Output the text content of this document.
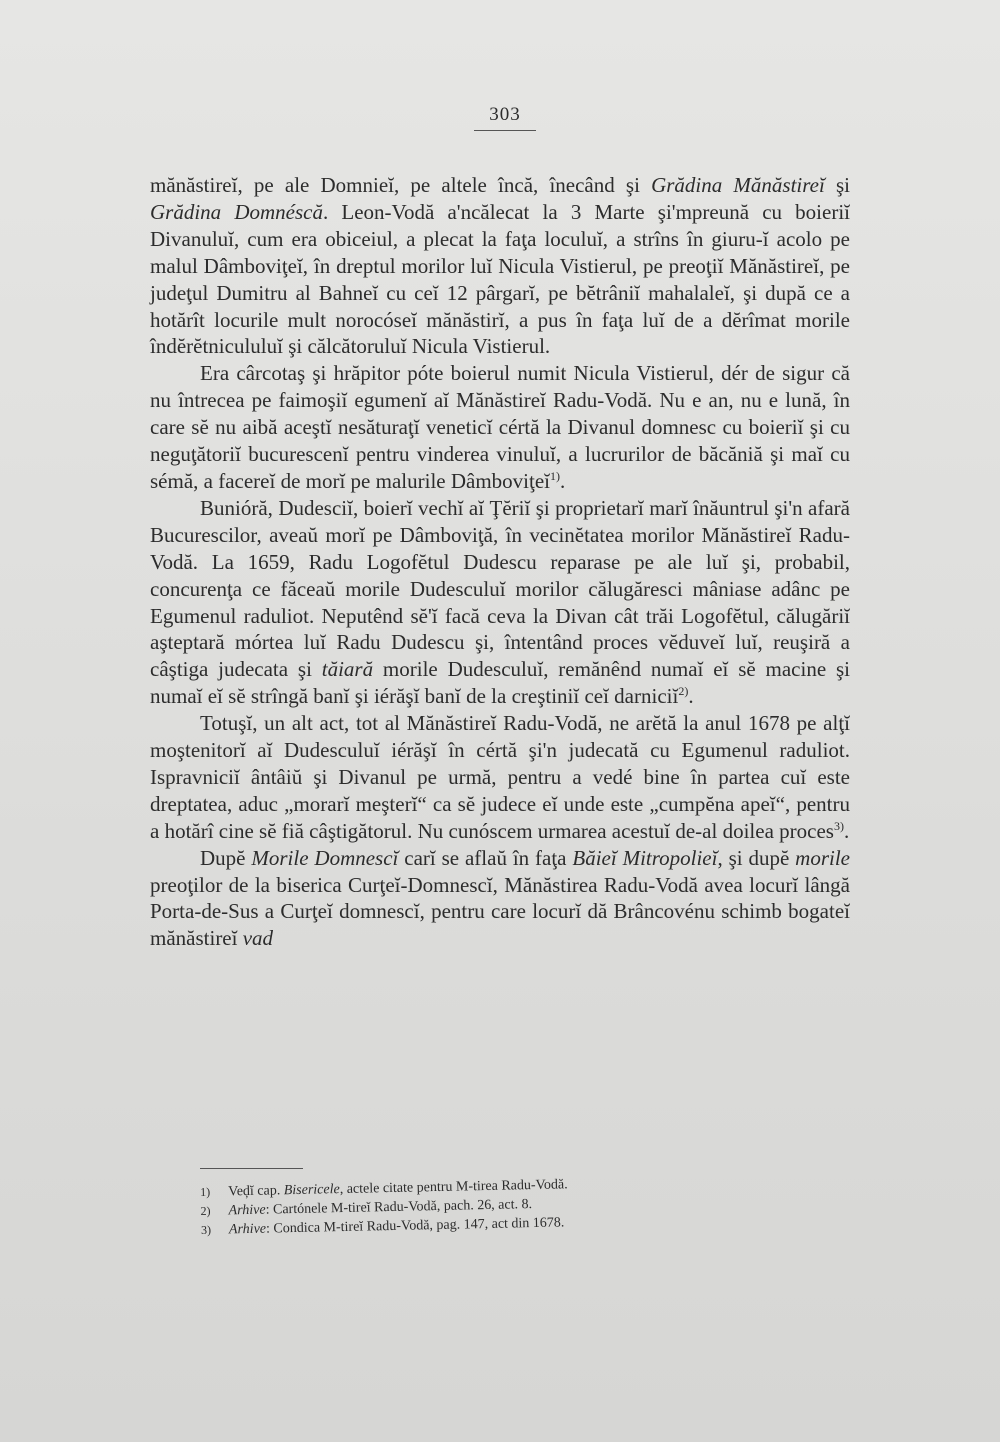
303

mănăstireĭ, pe ale Domnieĭ, pe altele încă, înecând şi Grădina Mănăstireĭ şi Grădina Domnéscă. Leon-Vodă a'ncălecat la 3 Marte şi'mpreună cu boieriĭ Divanuluĭ, cum era obiceiul, a plecat la faţa loculuĭ, a strîns în giuru-ĭ acolo pe malul Dâmboviţeĭ, în dreptul morilor luĭ Nicula Vistierul, pe preoţiĭ Mănăstireĭ, pe judeţul Dumitru al Bahneĭ cu ceĭ 12 pârgarĭ, pe bĕtrâniĭ mahalaleĭ, şi după ce a hotărît locurile mult norocóseĭ mănăstirĭ, a pus în faţa luĭ de a dĕrîmat morile îndĕrĕtnicululuĭ şi călcătoruluĭ Nicula Vistierul.

Era cârcotaş şi hrăpitor póte boierul numit Nicula Vistierul, dér de sigur că nu întrecea pe faimoşiĭ egumenĭ aĭ Mănăstireĭ Radu-Vodă. Nu e an, nu e lună, în care sĕ nu aibă aceştĭ nesăturaţĭ veneticĭ cértă la Divanul domnesc cu boieriĭ şi cu neguţătoriĭ bucurescenĭ pentru vinderea vinuluĭ, a lucrurilor de băcăniă şi maĭ cu sémă, a facereĭ de morĭ pe malurile Dâmboviţeĭ$^{1)}$.

Bunióră, Dudesciĭ, boierĭ vechĭ aĭ Ţĕriĭ şi proprietarĭ marĭ înăuntrul şi'n afară Bucurescilor, aveaŭ morĭ pe Dâmboviţă, în vecinĕtatea morilor Mănăstireĭ Radu-Vodă. La 1659, Radu Logofĕtul Dudescu reparase pe ale luĭ şi, probabil, concurenţa ce făceaŭ morile Dudesculuĭ morilor călugăresci mâniase adânc pe Egumenul raduliot. Neputênd sĕ'ĭ facă ceva la Divan cât trăi Logofĕtul, călugăriĭ aşteptară mórtea luĭ Radu Dudescu şi, întentând proces vĕduveĭ luĭ, reuşiră a câştiga judecata şi tăiară morile Dudesculuĭ, remănênd numaĭ eĭ sĕ macine şi numaĭ eĭ sĕ strîngă banĭ şi iérăşĭ banĭ de la creştiniĭ ceĭ darniciĭ$^{2)}$.

Totuşĭ, un alt act, tot al Mănăstireĭ Radu-Vodă, ne arĕtă la anul 1678 pe alţĭ moştenitorĭ aĭ Dudesculuĭ iérăşĭ în cértă şi'n judecată cu Egumenul raduliot. Ispravniciĭ ântâiŭ şi Divanul pe urmă, pentru a vedé bine în partea cuĭ este dreptatea, aduc „morarĭ meşterĭ“ ca sĕ judece eĭ unde este „cumpĕna apeĭ“, pentru a hotărî cine sĕ fiă câştigătorul. Nu cunóscem urmarea acestuĭ de-al doilea proces$^{3)}$.

Dupĕ Morile Domnescĭ carĭ se aflaŭ în faţa Băieĭ Mitropolieĭ, şi dupĕ morile preoţilor de la biserica Curţeĭ-Domnescĭ, Mănăstirea Radu-Vodă avea locurĭ lângă Porta-de-Sus a Curţeĭ domnescĭ, pentru care locurĭ dă Brâncovénu schimb bogateĭ mănăstireĭ vad

1) Veḑĭ cap. Bisericele, actele citate pentru M-tirea Radu-Vodă.
2) Arhive: Cartónele M-tireĭ Radu-Vodă, pach. 26, act. 8.
3) Arhive: Condica M-tireĭ Radu-Vodă, pag. 147, act din 1678.
